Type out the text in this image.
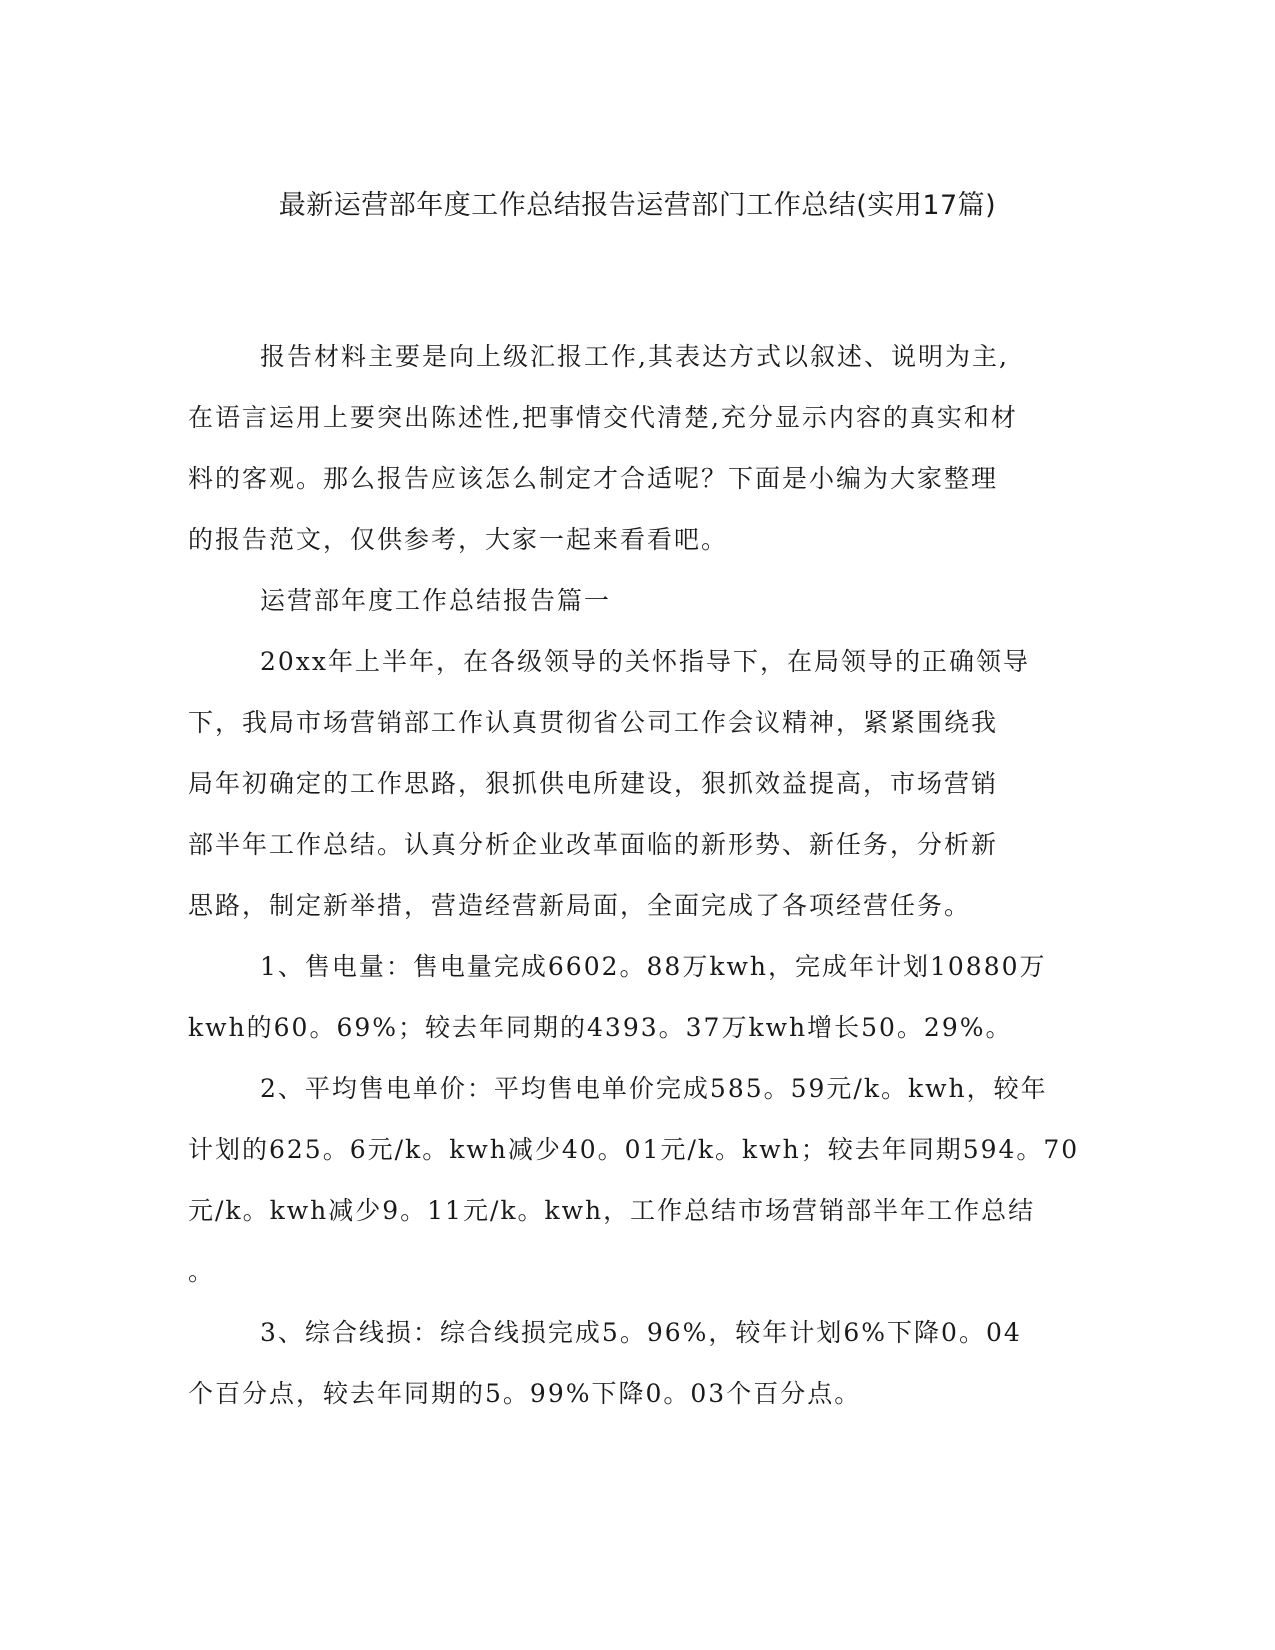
最新运营部年度工作总结报告运营部门工作总结(实用17篇)
报告材料主要是向上级汇报工作,其表达方式以叙述、说明为主,
在语言运用上要突出陈述性,把事情交代清楚,充分显示内容的真实和材
料的客观。那么报告应该怎么制定才合适呢？下面是小编为大家整理
的报告范文，仅供参考，大家一起来看看吧。
运营部年度工作总结报告篇一
20xx年上半年，在各级领导的关怀指导下，在局领导的正确领导
下，我局市场营销部工作认真贯彻省公司工作会议精神，紧紧围绕我
局年初确定的工作思路，狠抓供电所建设，狠抓效益提高，市场营销
部半年工作总结。认真分析企业改革面临的新形势、新任务，分析新
思路，制定新举措，营造经营新局面，全面完成了各项经营任务。
1、售电量：售电量完成6602。88万kwh，完成年计划10880万
kwh的60。69%；较去年同期的4393。37万kwh增长50。29%。
2、平均售电单价：平均售电单价完成585。59元/k。kwh，较年
计划的625。6元/k。kwh减少40。01元/k。kwh；较去年同期594。70
元/k。kwh减少9。11元/k。kwh，工作总结市场营销部半年工作总结
。
3、综合线损：综合线损完成5。96%，较年计划6%下降0。04
个百分点，较去年同期的5。99%下降0。03个百分点。
